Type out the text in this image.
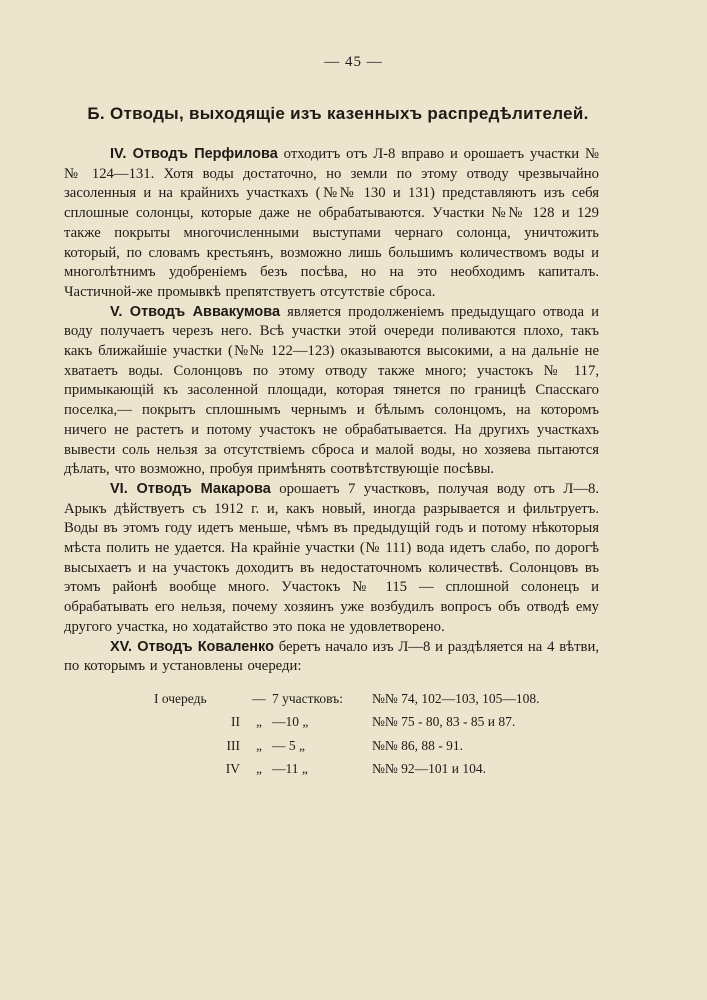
— 45 —
Б. Отводы, выходящіе изъ казенныхъ распредѣлителей.

IV. Отводъ Перфилова отходитъ отъ Л-8 вправо и орошаетъ участки №№ 124—131. Хотя воды достаточно, но земли по этому отводу чрезвычайно засоленныя и на крайнихъ участкахъ (№№ 130 и 131) представляютъ изъ себя сплошные солонцы, которые даже не обрабатываются. Участки №№ 128 и 129 также покрыты многочисленными выступами чернаго солонца, уничтожить который, по словамъ крестьянъ, возможно лишь большимъ количествомъ воды и многолѣтнимъ удобреніемъ безъ посѣва, но на это необходимъ капиталъ. Частичной-же промывкѣ препятствуетъ отсутствіе сброса.

V. Отводъ Аввакумова является продолженіемъ предыдущаго отвода и воду получаетъ черезъ него. Всѣ участки этой очереди поливаются плохо, такъ какъ ближайшіе участки (№№ 122—123) оказываются высокими, а на дальніе не хватаетъ воды. Солонцовъ по этому отводу также много; участокъ № 117, примыкающій къ засоленной площади, которая тянется по границѣ Спасскаго поселка,— покрытъ сплошнымъ чернымъ и бѣлымъ солонцомъ, на которомъ ничего не растетъ и потому участокъ не обрабатывается. На другихъ участкахъ вывести соль нельзя за отсутствіемъ сброса и малой воды, но хозяева пытаются дѣлать, что возможно, пробуя примѣнять соотвѣтствующіе посѣвы.

VI. Отводъ Макарова орошаетъ 7 участковъ, получая воду отъ Л—8. Арыкъ дѣйствуетъ съ 1912 г. и, какъ новый, иногда разрывается и фильтруетъ. Воды въ этомъ году идетъ меньше, чѣмъ въ предыдущій годъ и потому нѣкоторыя мѣста полить не удается. На крайніе участки (№ 111) вода идетъ слабо, по дорогѣ высыхаетъ и на участокъ доходитъ въ недостаточномъ количествѣ. Солонцовъ въ этомъ районѣ вообще много. Участокъ № 115 — сплошной солонецъ и обрабатывать его нельзя, почему хозяинъ уже возбудилъ вопросъ объ отводѣ ему другого участка, но ходатайство это пока не удовлетворено.

XV. Отводъ Коваленко беретъ начало изъ Л—8 и раздѣляется на 4 вѣтви, по которымъ и установлены очереди:

I очередь	—	7 участковъ:	№№ 74, 102—103, 105—108.
II	„	—10 „	№№ 75 - 80, 83 - 85 и 87.
III	„	— 5 „	№№ 86, 88 - 91.
IV	„	—11 „	№№ 92—101 и 104.
